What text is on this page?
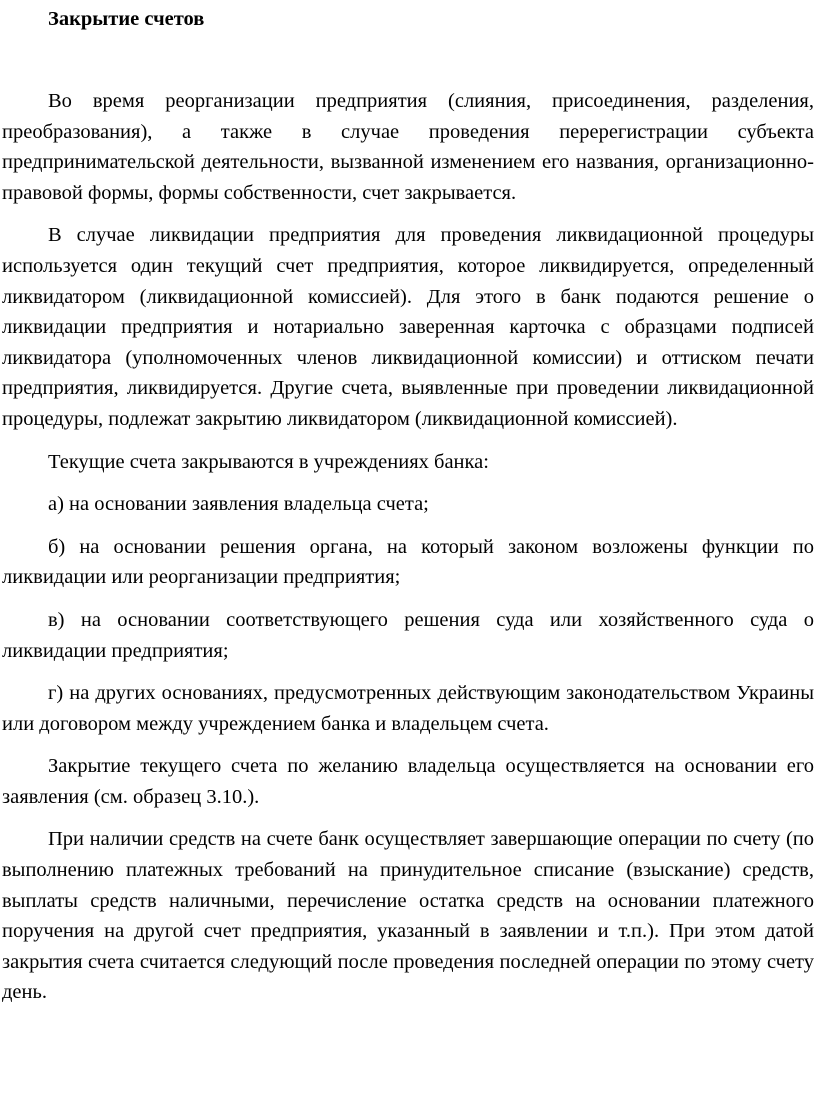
Закрытие счетов

Во время реорганизации предприятия (слияния, присоединения, разделения, преобразования), а также в случае проведения перерегистрации субъекта предпринимательской деятельности, вызванной изменением его названия, организационно-правовой формы, формы собственности, счет закрывается.

В случае ликвидации предприятия для проведения ликвидационной процедуры используется один текущий счет предприятия, которое ликвидируется, определенный ликвидатором (ликвидационной комиссией). Для этого в банк подаются решение о ликвидации предприятия и нотариально заверенная карточка с образцами подписей ликвидатора (уполномоченных членов ликвидационной комиссии) и оттиском печати предприятия, ликвидируется. Другие счета, выявленные при проведении ликвидационной процедуры, подлежат закрытию ликвидатором (ликвидационной комиссией).

Текущие счета закрываются в учреждениях банка:

а) на основании заявления владельца счета;

б) на основании решения органа, на который законом возложены функции по ликвидации или реорганизации предприятия;

в) на основании соответствующего решения суда или хозяйственного суда о ликвидации предприятия;

г) на других основаниях, предусмотренных действующим законодательством Украины или договором между учреждением банка и владельцем счета.

Закрытие текущего счета по желанию владельца осуществляется на основании его заявления (см. образец 3.10.).

При наличии средств на счете банк осуществляет завершающие операции по счету (по выполнению платежных требований на принудительное списание (взыскание) средств, выплаты средств наличными, перечисление остатка средств на основании платежного поручения на другой счет предприятия, указанный в заявлении и т.п.). При этом датой закрытия счета считается следующий после проведения последней операции по этому счету день.
